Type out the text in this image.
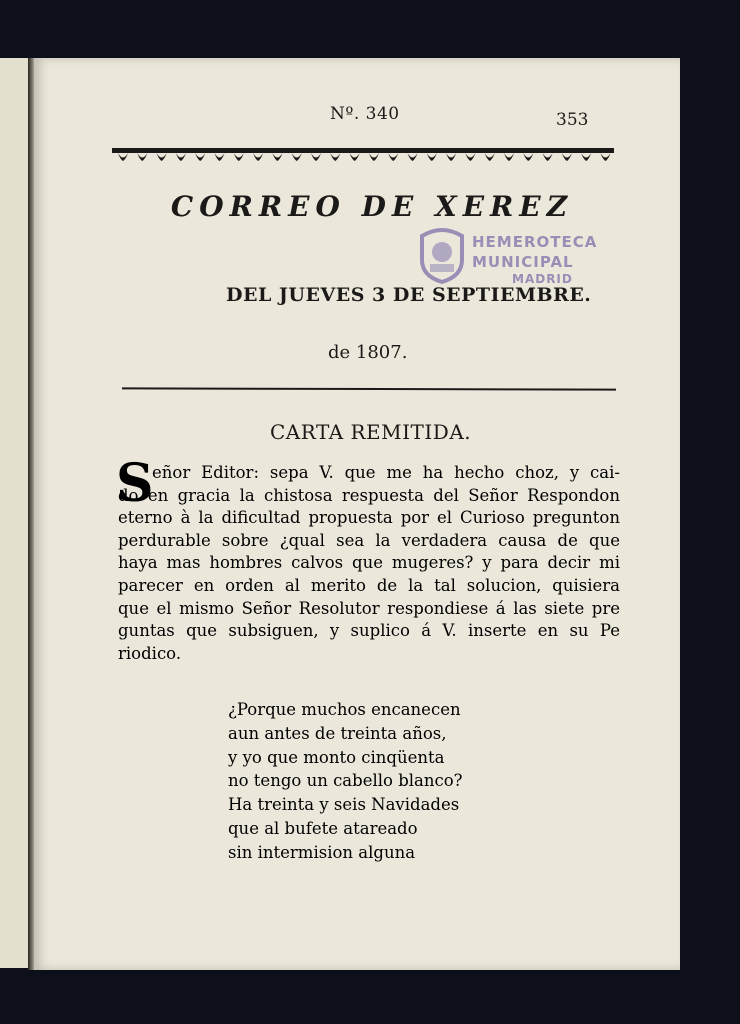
Nº. 340	353
CORREO DE XEREZ
HEMEROTECA
MUNICIPAL
MADRID
DEL JUEVES 3 DE SEPTIEMBRE.
de 1807.
CARTA REMITIDA.
S
eñor Editor: sepa V. que me ha hecho choz, y cai-
do en gracia la chistosa respuesta del Señor Respondon
eterno à la dificultad propuesta por el Curioso pregunton
perdurable sobre ¿qual sea la verdadera causa de que
haya mas hombres calvos que mugeres? y para decir mi
parecer en orden al merito de la tal solucion, quisiera
que el mismo Señor Resolutor respondiese á las siete pre
guntas que subsiguen, y suplico á V. inserte en su Pe
riodico.
¿Porque muchos encanecen
aun antes de treinta años,
y yo que monto cinqüenta
no tengo un cabello blanco?
Ha treinta y seis Navidades
que al bufete atareado
sin intermision alguna
